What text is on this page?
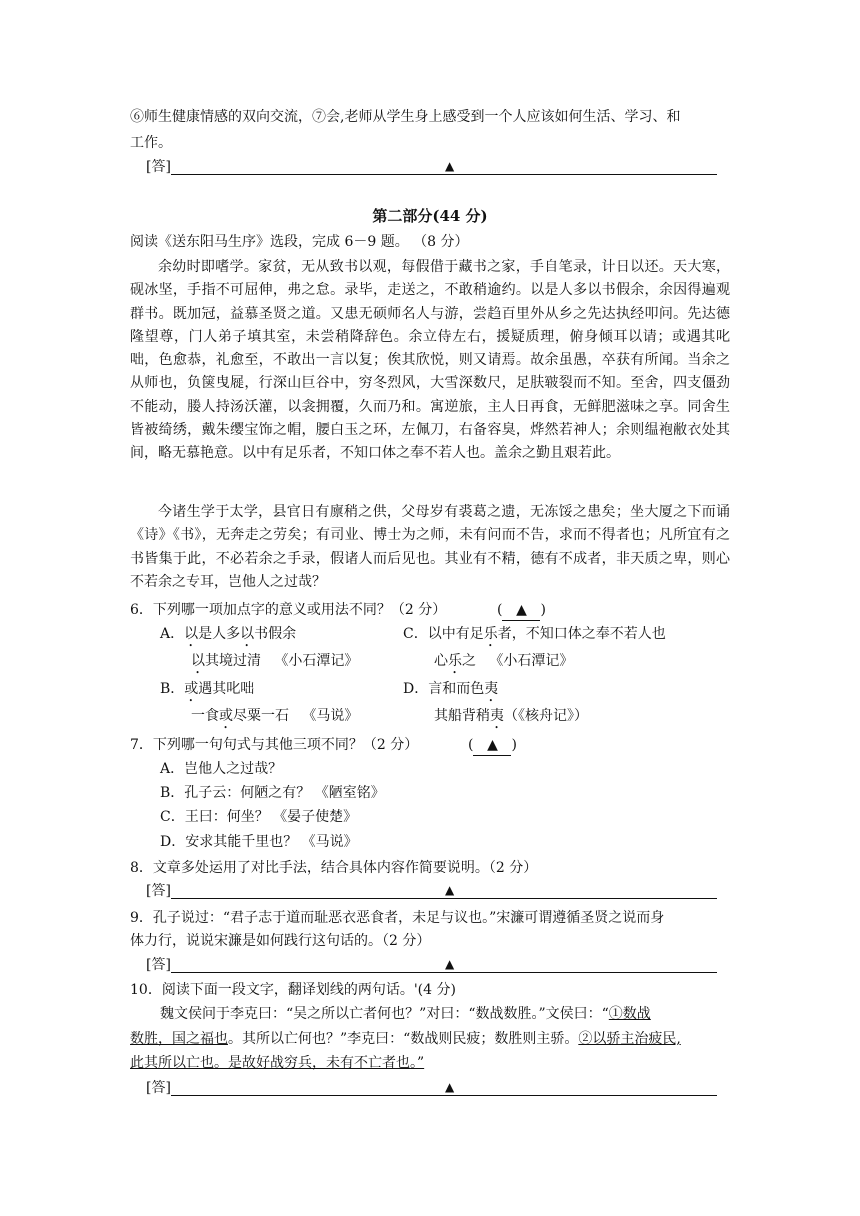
⑥师生健康情感的双向交流，⑦会,老师从学生身上感受到一个人应该如何生活、学习、和
工作。
[答]	▲
第二部分(44 分)
阅读《送东阳马生序》选段，完成 6－9 题。 （8 分）
余幼时即嗜学。家贫，无从致书以观，每假借于藏书之家，手自笔录，计日以还。天大寒，砚冰坚，手指不可屈伸，弗之怠。录毕，走送之，不敢稍逾约。以是人多以书假余，余因得遍观群书。既加冠，益慕圣贤之道。又患无硕师名人与游，尝趋百里外从乡之先达执经叩问。先达德隆望尊，门人弟子填其室，未尝稍降辞色。余立侍左右，援疑质理，俯身倾耳以请；或遇其叱咄，色愈恭，礼愈至，不敢出一言以复；俟其欣悦，则又请焉。故余虽愚，卒获有所闻。当余之从师也，负箧曳屣，行深山巨谷中，穷冬烈风，大雪深数尺，足肤皲裂而不知。至舍，四支僵劲不能动，媵人持汤沃灌，以衾拥覆，久而乃和。寓逆旅，主人日再食，无鲜肥滋味之享。同舍生皆被绮绣，戴朱缨宝饰之帽，腰白玉之环，左佩刀，右备容臭，烨然若神人；余则缊袍敝衣处其间，略无慕艳意。以中有足乐者，不知口体之奉不若人也。盖余之勤且艰若此。
今诸生学于太学，县官日有廪稍之供，父母岁有裘葛之遗，无冻馁之患矣；坐大厦之下而诵《诗》《书》，无奔走之劳矣；有司业、博士为之师，未有问而不告，求而不得者也；凡所宜有之书皆集于此，不必若余之手录，假诸人而后见也。其业有不精，德有不成者，非天质之卑，则心不若余之专耳，岂他人之过哉？
6．下列哪一项加点字的意义或用法不同？（2 分）	( ▲ )
A．以是人多以书假余
以其境过清   《小石潭记》
C．以中有足乐者，不知口体之奉不若人也
心乐之   《小石潭记》
B．或遇其叱咄
一食或尽粟一石   《马说》
D．言和而色夷
其船背稍夷（《核舟记》）
7．下列哪一句句式与其他三项不同？（2 分）	( ▲ )
A．岂他人之过哉？
B．孔子云：何陋之有？ 《陋室铭》
C．王曰：何坐？ 《晏子使楚》
D．安求其能千里也？ 《马说》
8．文章多处运用了对比手法，结合具体内容作简要说明。（2 分）
[答]	▲
9．孔子说过：“君子志于道而耻恶衣恶食者，未足与议也。”宋濂可谓遵循圣贤之说而身
体力行，说说宋濂是如何践行这句话的。（2 分）
[答]	▲
10．阅读下面一段文字，翻译划线的两句话。'(4 分)
魏文侯问于李克曰：“吴之所以亡者何也？”对曰：“数战数胜。”文侯曰：“①数战
数胜，国之福也。其所以亡何也？”李克曰：“数战则民疲；数胜则主骄。②以骄主治疲民,
此其所以亡也。是故好战穷兵，未有不亡者也。”
[答]	▲
